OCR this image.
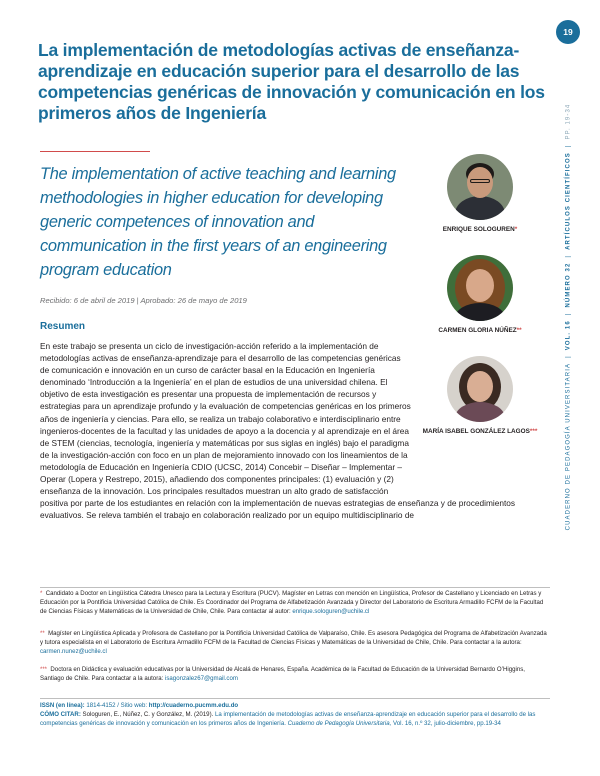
19
CUADERNO DE PEDAGOGÍA UNIVERSITARIA|VOL. 16|NÚMERO 32|ARTÍCULOS CIENTÍFICOS|PP. 19-34
La implementación de metodologías activas de enseñanza-aprendizaje en educación superior para el desarrollo de las competencias genéricas de innovación y comunicación en los primeros años de Ingeniería
The implementation of active teaching and learning methodologies in higher education for developing generic competences of innovation and communication in the first years of an engineering program education
ENRIQUE SOLOGUREN*
CARMEN GLORIA NÚÑEZ**
MARÍA ISABEL GONZÁLEZ LAGOS***
Recibido: 6 de abril de 2019 | Aprobado: 26 de mayo de 2019
Resumen

En este trabajo se presenta un ciclo de investigación-acción referido a la implementación de metodologías activas de enseñanza-aprendizaje para el desarrollo de las competencias genéricas de comunicación e innovación en un curso de carácter basal en la Educación en Ingeniería denominado ‘Introducción a la Ingeniería’ en el plan de estudios de una universidad chilena. El objetivo de esta investigación es presentar una propuesta de implementación de recursos y estrategias para un aprendizaje profundo y la evaluación de competencias genéricas en los primeros años de ingeniería y ciencias. Para ello, se realiza un trabajo colaborativo e interdisciplinario entre ingenieros-docentes de la facultad y las unidades de apoyo a la docencia y al aprendizaje en el área de STEM (ciencias, tecnología, ingeniería y matemáticas por sus siglas en inglés) bajo el paradigma de la investigación-acción con foco en un plan de mejoramiento innovado con los lineamientos de la metodología de Educación en Ingeniería CDIO (UCSC, 2014) Concebir – Diseñar – Implementar – Operar (Lopera y Restrepo, 2015), añadiendo dos componentes principales: (1) evaluación y (2) enseñanza de la innovación. Los principales resultados muestran un alto grado de satisfacción positiva por parte de los estudiantes en relación con la implementación de nuevas estrategias de enseñanza y de procedimientos evaluativos. Se releva también el trabajo en colaboración realizado por un equipo multidisciplinario de

* Candidato a Doctor en Lingüística Cátedra Unesco para la Lectura y Escritura (PUCV). Magíster en Letras con mención en Lingüística, Profesor de Castellano y Licenciado en Letras y Educación por la Pontificia Universidad Católica de Chile. Es Coordinador del Programa de Alfabetización Avanzada y Director del Laboratorio de Escritura Armadillo FCFM de la Facultad de Ciencias Físicas y Matemáticas de la Universidad de Chile, Chile. Para contactar al autor: enrique.sologuren@uchile.cl

** Magíster en Lingüística Aplicada y Profesora de Castellano por la Pontificia Universidad Católica de Valparaíso, Chile. Es asesora Pedagógica del Programa de Alfabetización Avanzada y tutora especialista en el Laboratorio de Escritura Armadillo FCFM de la Facultad de Ciencias Físicas y Matemáticas de la Universidad de Chile, Chile. Para contactar a la autora: carmen.nunez@uchile.cl

*** Doctora en Didáctica y evaluación educativas por la Universidad de Alcalá de Henares, España. Académica de la Facultad de Educación de la Universidad Bernardo O’Higgins, Santiago de Chile. Para contactar a la autora: isagonzalez67@gmail.com

ISSN (en línea): 1814-4152 / Sitio web: http://cuaderno.pucmm.edu.do
CÓMO CITAR: Sologuren, E., Núñez, C. y González, M. (2019). La implementación de metodologías activas de enseñanza-aprendizaje en educación superior para el desarrollo de las competencias genéricas de innovación y comunicación en los primeros años de Ingeniería. Cuaderno de Pedagogía Universitaria, Vol. 16, n.º 32, julio-diciembre, pp.19-34
